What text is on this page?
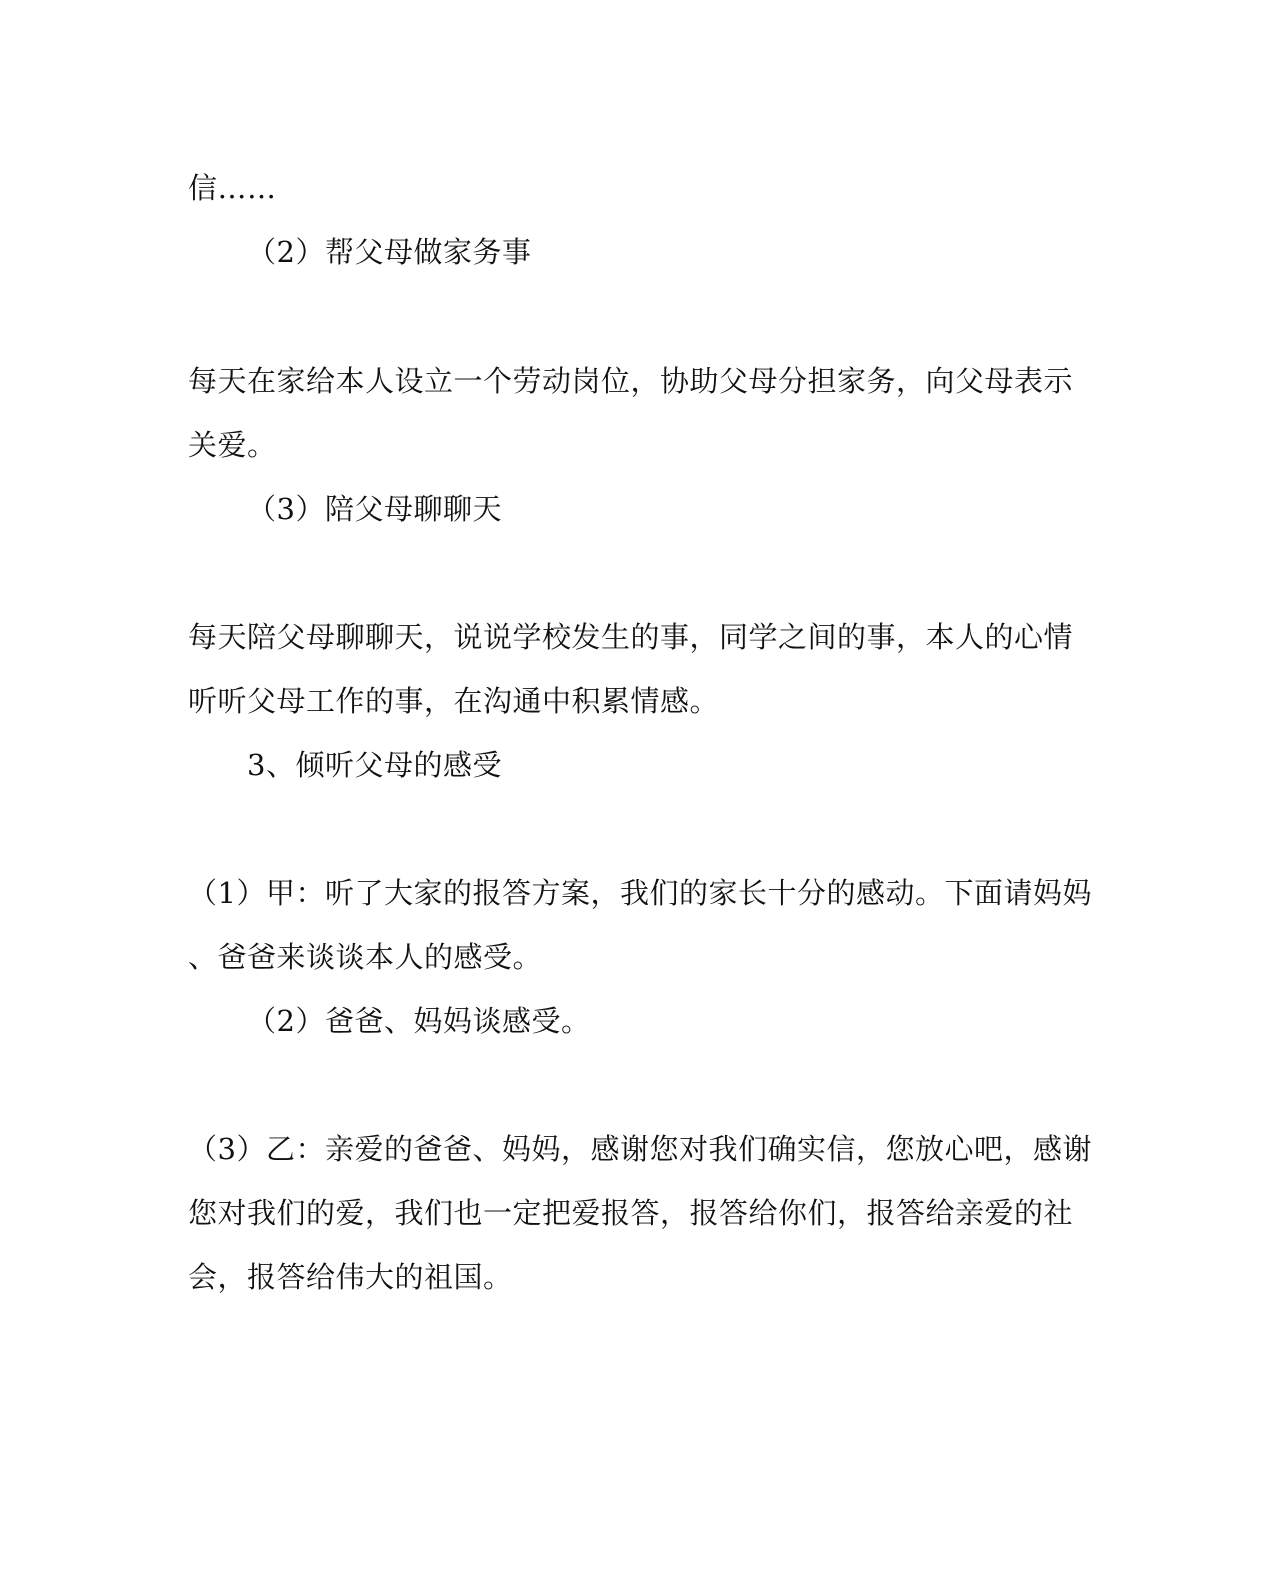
信……
（2）帮父母做家务事
每天在家给本人设立一个劳动岗位，协助父母分担家务，向父母表示
关爱。
（3）陪父母聊聊天
每天陪父母聊聊天，说说学校发生的事，同学之间的事，本人的心情
听听父母工作的事，在沟通中积累情感。
3、倾听父母的感受
（1）甲：听了大家的报答方案，我们的家长十分的感动。下面请妈妈
、爸爸来谈谈本人的感受。
（2）爸爸、妈妈谈感受。
（3）乙：亲爱的爸爸、妈妈，感谢您对我们确实信，您放心吧，感谢
您对我们的爱，我们也一定把爱报答，报答给你们，报答给亲爱的社
会，报答给伟大的祖国。
